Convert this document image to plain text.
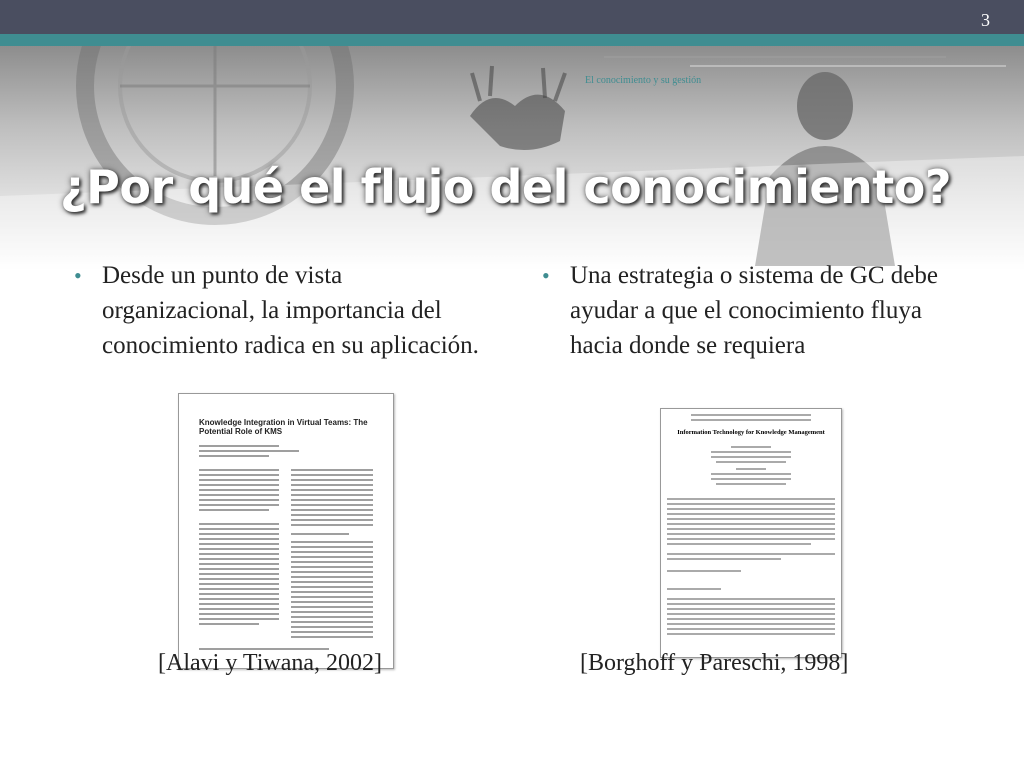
3
El conocimiento y su gestión
¿Por qué el flujo del conocimiento?
• Desde un punto de vista organizacional, la importancia del conocimiento radica en su aplicación.
• Una estrategia o sistema de GC debe ayudar a que el conocimiento fluya hacia donde se requiera
Knowledge Integration in Virtual Teams: The Potential Role of KMS	Information Technology for Knowledge Management
[Alavi y Tiwana, 2002]	[Borghoff y Pareschi, 1998]
